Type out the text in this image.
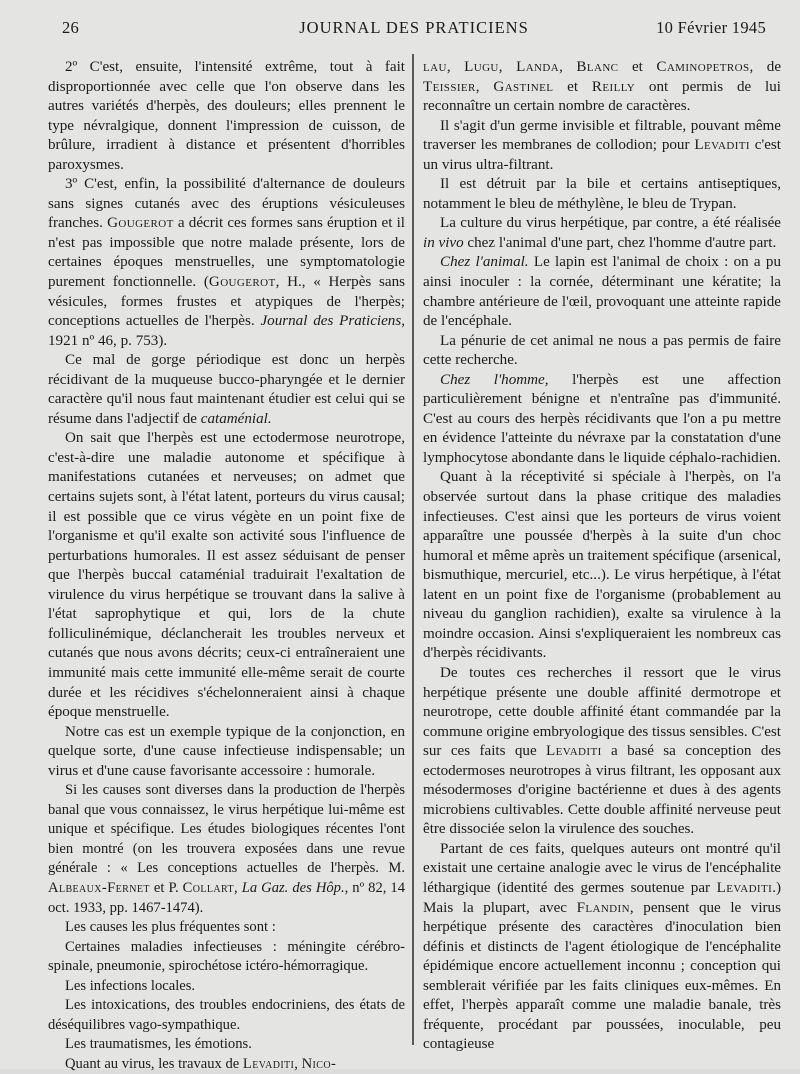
26	JOURNAL DES PRATICIENS	10 Février 1945

2º C'est, ensuite, l'intensité extrême, tout à fait disproportionnée avec celle que l'on observe dans les autres variétés d'herpès, des douleurs; elles prennent le type névralgique, donnent l'impression de cuisson, de brûlure, irradient à distance et présentent d'horribles paroxysmes.

3º C'est, enfin, la possibilité d'alternance de douleurs sans signes cutanés avec des éruptions vésiculeuses franches. Gougerot a décrit ces formes sans éruption et il n'est pas impossible que notre malade présente, lors de certaines époques menstruelles, une symptomatologie purement fonctionnelle. (Gougerot, H., « Herpès sans vésicules, formes frustes et atypiques de l'herpès; conceptions actuelles de l'herpès. Journal des Praticiens, 1921 nº 46, p. 753).

Ce mal de gorge périodique est donc un herpès récidivant de la muqueuse bucco-pharyngée et le dernier caractère qu'il nous faut maintenant étudier est celui qui se résume dans l'adjectif de cataménial.

On sait que l'herpès est une ectodermose neurotrope, c'est-à-dire une maladie autonome et spécifique à manifestations cutanées et nerveuses; on admet que certains sujets sont, à l'état latent, porteurs du virus causal; il est possible que ce virus végète en un point fixe de l'organisme et qu'il exalte son activité sous l'influence de perturbations humorales. Il est assez séduisant de penser que l'herpès buccal cataménial traduirait l'exaltation de virulence du virus herpétique se trouvant dans la salive à l'état saprophytique et qui, lors de la chute folliculinémique, déclancherait les troubles nerveux et cutanés que nous avons décrits; ceux-ci entraîneraient une immunité mais cette immunité elle-même serait de courte durée et les récidives s'échelonneraient ainsi à chaque époque menstruelle.

Notre cas est un exemple typique de la conjonction, en quelque sorte, d'une cause infectieuse indispensable; un virus et d'une cause favorisante accessoire : humorale.

Si les causes sont diverses dans la production de l'herpès banal que vous connaissez, le virus herpétique lui-même est unique et spécifique. Les études biologiques récentes l'ont bien montré (on les trouvera exposées dans une revue générale : « Les conceptions actuelles de l'herpès. M. Albeaux-Fernet et P. Collart, La Gaz. des Hôp., nº 82, 14 oct. 1933, pp. 1467-1474).

Les causes les plus fréquentes sont :

Certaines maladies infectieuses : méningite cérébro-spinale, pneumonie, spirochétose ictéro-hémorragique.

Les infections locales.

Les intoxications, des troubles endocriniens, des états de déséquilibres vago-sympathique.

Les traumatismes, les émotions.

Quant au virus, les travaux de Levaditi, Nico-

lau, Lugu, Landa, Blanc et Caminopetros, de Teissier, Gastinel et Reilly ont permis de lui reconnaître un certain nombre de caractères.

Il s'agit d'un germe invisible et filtrable, pouvant même traverser les membranes de collodion; pour Levaditi c'est un virus ultra-filtrant.

Il est détruit par la bile et certains antiseptiques, notamment le bleu de méthylène, le bleu de Trypan.

La culture du virus herpétique, par contre, a été réalisée in vivo chez l'animal d'une part, chez l'homme d'autre part.

Chez l'animal. Le lapin est l'animal de choix : on a pu ainsi inoculer : la cornée, déterminant une kératite; la chambre antérieure de l'œil, provoquant une atteinte rapide de l'encéphale.

La pénurie de cet animal ne nous a pas permis de faire cette recherche.

Chez l'homme, l'herpès est une affection particulièrement bénigne et n'entraîne pas d'immunité. C'est au cours des herpès récidivants que l'on a pu mettre en évidence l'atteinte du névraxe par la constatation d'une lymphocytose abondante dans le liquide céphalo-rachidien.

Quant à la réceptivité si spéciale à l'herpès, on l'a observée surtout dans la phase critique des maladies infectieuses. C'est ainsi que les porteurs de virus voient apparaître une poussée d'herpès à la suite d'un choc humoral et même après un traitement spécifique (arsenical, bismuthique, mercuriel, etc...). Le virus herpétique, à l'état latent en un point fixe de l'organisme (probablement au niveau du ganglion rachidien), exalte sa virulence à la moindre occasion. Ainsi s'expliqueraient les nombreux cas d'herpès récidivants.

De toutes ces recherches il ressort que le virus herpétique présente une double affinité dermotrope et neurotrope, cette double affinité étant commandée par la commune origine embryologique des tissus sensibles. C'est sur ces faits que Levaditi a basé sa conception des ectodermoses neurotropes à virus filtrant, les opposant aux mésodermoses d'origine bactérienne et dues à des agents microbiens cultivables. Cette double affinité nerveuse peut être dissociée selon la virulence des souches.

Partant de ces faits, quelques auteurs ont montré qu'il existait une certaine analogie avec le virus de l'encéphalite léthargique (identité des germes soutenue par Levaditi.) Mais la plupart, avec Flandin, pensent que le virus herpétique présente des caractères d'inoculation bien définis et distincts de l'agent étiologique de l'encéphalite épidémique encore actuellement inconnu ; conception qui semblerait vérifiée par les faits cliniques eux-mêmes. En effet, l'herpès apparaît comme une maladie banale, très fréquente, procédant par poussées, inoculable, peu contagieuse
